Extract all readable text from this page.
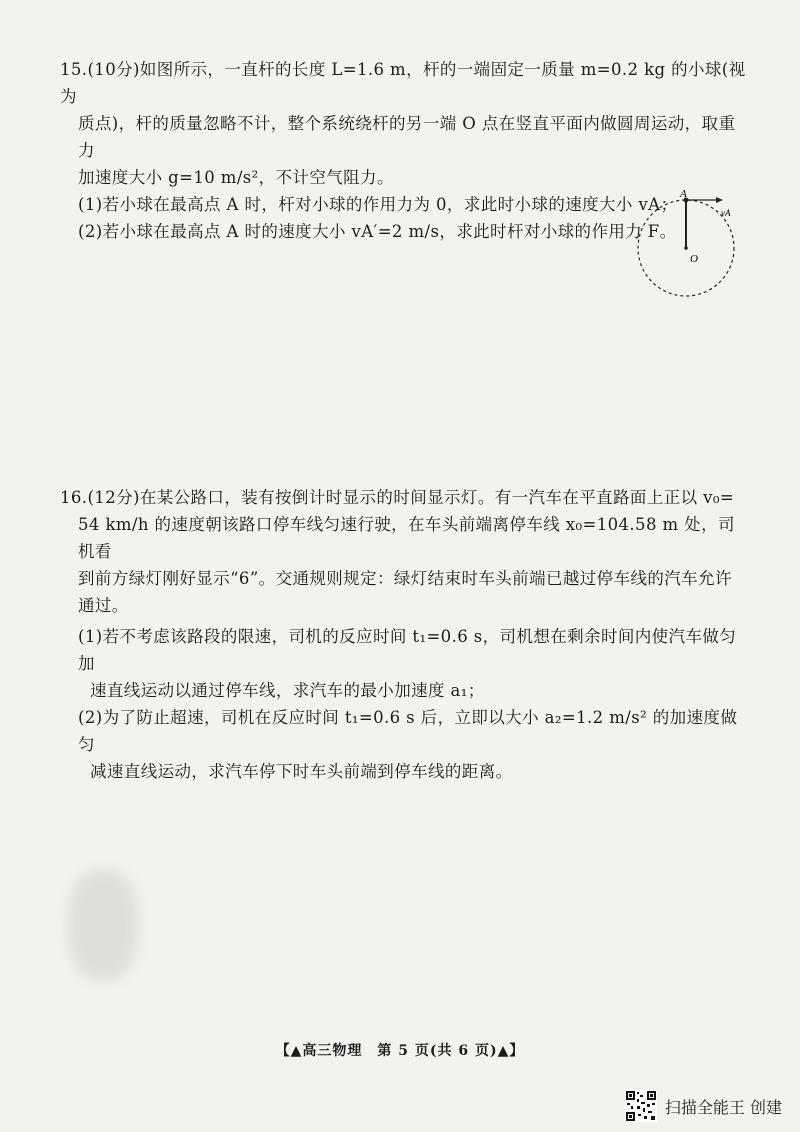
15.(10分)如图所示，一直杆的长度 L=1.6 m，杆的一端固定一质量 m=0.2 kg 的小球(视为

质点)，杆的质量忽略不计，整个系统绕杆的另一端 O 点在竖直平面内做圆周运动，取重力

加速度大小 g=10 m/s²，不计空气阻力。

(1)若小球在最高点 A 时，杆对小球的作用力为 0，求此时小球的速度大小 vA；

(2)若小球在最高点 A 时的速度大小 vA′=2 m/s，求此时杆对小球的作用力 F。

A
vA
O

16.(12分)在某公路口，装有按倒计时显示的时间显示灯。有一汽车在平直路面上正以 v₀=

54 km/h 的速度朝该路口停车线匀速行驶，在车头前端离停车线 x₀=104.58 m 处，司机看

到前方绿灯刚好显示“6”。交通规则规定：绿灯结束时车头前端已越过停车线的汽车允许

通过。

(1)若不考虑该路段的限速，司机的反应时间 t₁=0.6 s，司机想在剩余时间内使汽车做匀加

速直线运动以通过停车线，求汽车的最小加速度 a₁；

(2)为了防止超速，司机在反应时间 t₁=0.6 s 后，立即以大小 a₂=1.2 m/s² 的加速度做匀

减速直线运动，求汽车停下时车头前端到停车线的距离。

【▲高三物理　第 5 页(共 6 页)▲】
扫描全能王 创建
